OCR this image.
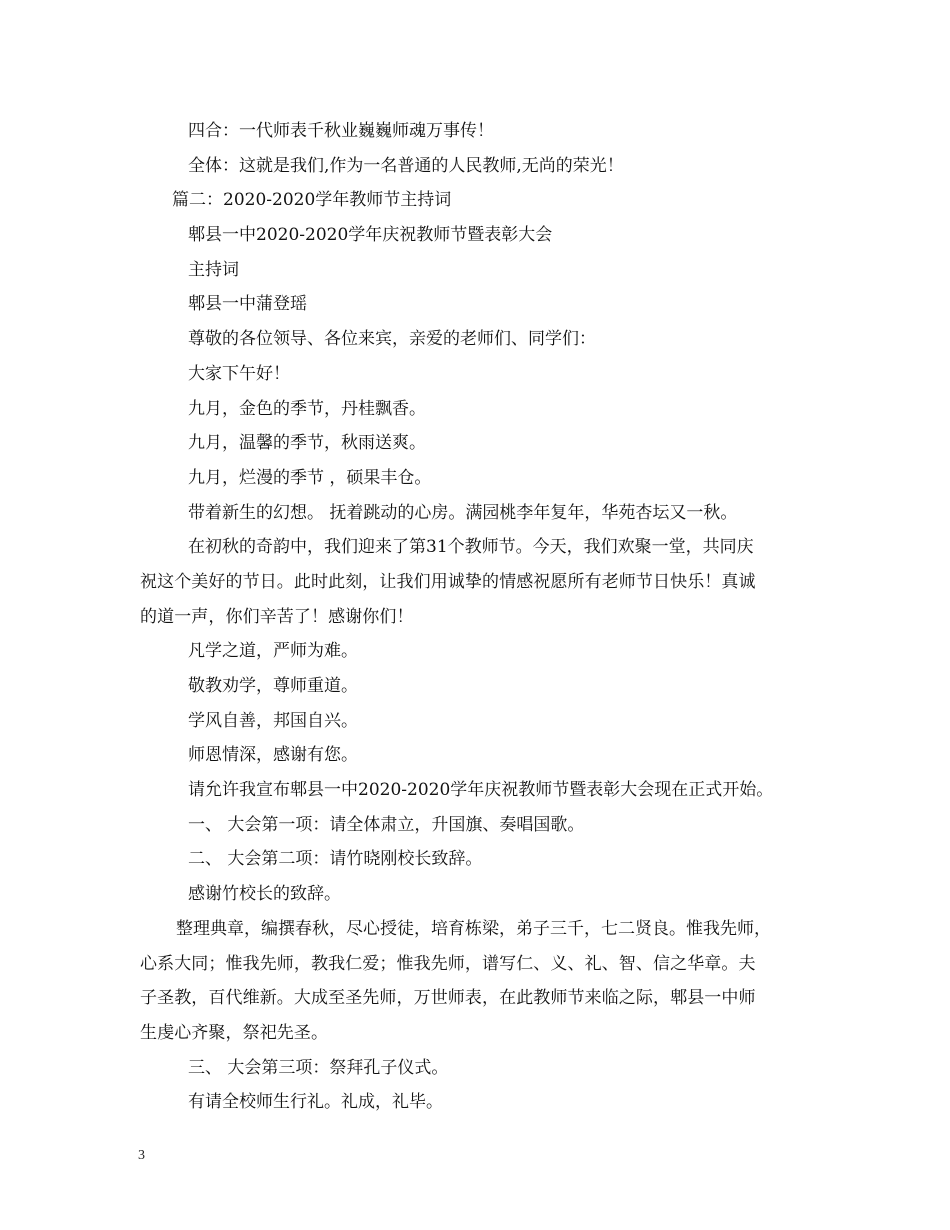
四合：一代师表千秋业巍巍师魂万事传！
全体：这就是我们,作为一名普通的人民教师,无尚的荣光！
篇二：2020-2020学年教师节主持词
郫县一中2020-2020学年庆祝教师节暨表彰大会
主持词
郫县一中蒲登瑶
尊敬的各位领导、各位来宾，亲爱的老师们、同学们：
大家下午好！
九月，金色的季节，丹桂飘香。
九月，温馨的季节，秋雨送爽。
九月，烂漫的季节 ，硕果丰仓。
带着新生的幻想。 抚着跳动的心房。满园桃李年复年，华苑杏坛又一秋。
在初秋的奇韵中，我们迎来了第31个教师节。今天，我们欢聚一堂，共同庆
祝这个美好的节日。此时此刻，让我们用诚挚的情感祝愿所有老师节日快乐！真诚
的道一声，你们辛苦了！感谢你们！
凡学之道，严师为难。
敬教劝学，尊师重道。
学风自善，邦国自兴。
师恩情深，感谢有您。
请允许我宣布郫县一中2020-2020学年庆祝教师节暨表彰大会现在正式开始。
一、 大会第一项：请全体肃立，升国旗、奏唱国歌。
二、 大会第二项：请竹晓刚校长致辞。
感谢竹校长的致辞。
整理典章，编撰春秋，尽心授徒，培育栋梁，弟子三千，七二贤良。惟我先师，
心系大同；惟我先师，教我仁爱；惟我先师，谱写仁、义、礼、智、信之华章。夫
子圣教，百代维新。大成至圣先师，万世师表，在此教师节来临之际，郫县一中师
生虔心齐聚，祭祀先圣。
三、 大会第三项：祭拜孔子仪式。
有请全校师生行礼。礼成，礼毕。
3
